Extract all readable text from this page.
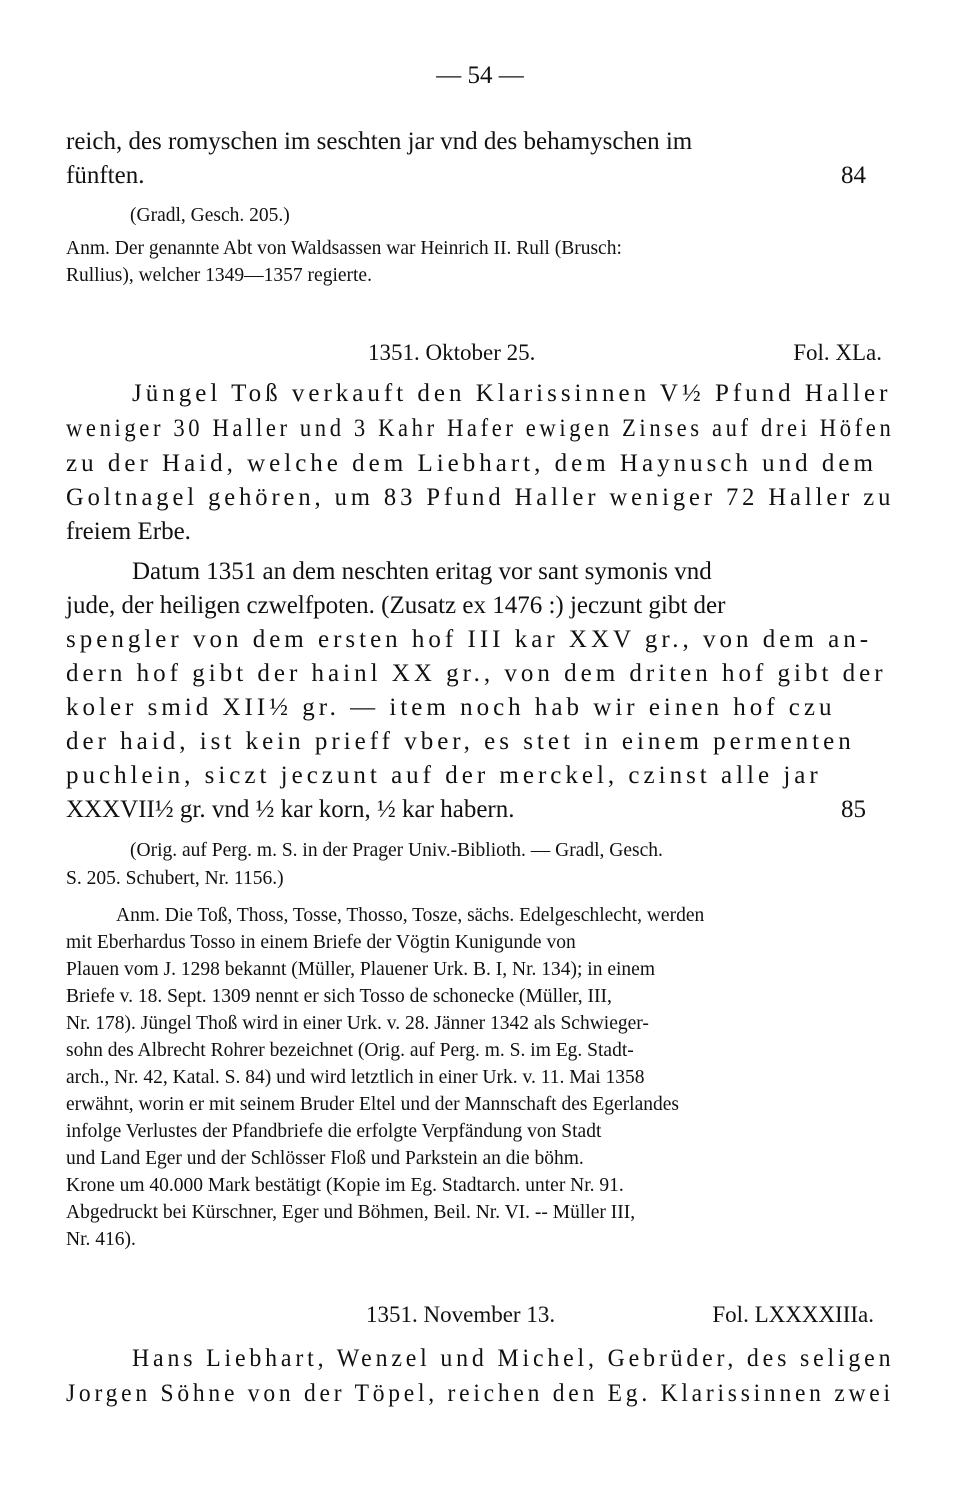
— 54 —
reich, des romyschen im seschten jar vnd des behamyschen im
fünften.	84
(Gradl, Gesch. 205.)
Anm. Der genannte Abt von Waldsassen war Heinrich II. Rull (Brusch:
Rullius), welcher 1349—1357 regierte.
1351. Oktober 25.	Fol. XLa.
Jüngel Toß verkauft den Klarissinnen V½ Pfund Haller
weniger 30 Haller und 3 Kahr Hafer ewigen Zinses auf drei Höfen
zu der Haid, welche dem Liebhart, dem Haynusch und dem
Goltnagel gehören, um 83 Pfund Haller weniger 72 Haller zu
freiem Erbe.
Datum 1351 an dem neschten eritag vor sant symonis vnd
jude, der heiligen czwelfpoten. (Zusatz ex 1476 :) jeczunt gibt der
spengler von dem ersten hof III kar XXV gr., von dem an-
dern hof gibt der hainl XX gr., von dem driten hof gibt der
koler smid XII½ gr. — item noch hab wir einen hof czu
der haid, ist kein prieff vber, es stet in einem permenten
puchlein, siczt jeczunt auf der merckel, czinst alle jar
XXXVII½ gr. vnd ½ kar korn, ½ kar habern.	85
(Orig. auf Perg. m. S. in der Prager Univ.-Biblioth. — Gradl, Gesch.
S. 205. Schubert, Nr. 1156.)
Anm. Die Toß, Thoss, Tosse, Thosso, Tosze, sächs. Edelgeschlecht, werden
mit Eberhardus Tosso in einem Briefe der Vögtin Kunigunde von
Plauen vom J. 1298 bekannt (Müller, Plauener Urk. B. I, Nr. 134); in einem
Briefe v. 18. Sept. 1309 nennt er sich Tosso de schonecke (Müller, III,
Nr. 178). Jüngel Thoß wird in einer Urk. v. 28. Jänner 1342 als Schwieger-
sohn des Albrecht Rohrer bezeichnet (Orig. auf Perg. m. S. im Eg. Stadt-
arch., Nr. 42, Katal. S. 84) und wird letztlich in einer Urk. v. 11. Mai 1358
erwähnt, worin er mit seinem Bruder Eltel und der Mannschaft des Egerlandes
infolge Verlustes der Pfandbriefe die erfolgte Verpfändung von Stadt
und Land Eger und der Schlösser Floß und Parkstein an die böhm.
Krone um 40.000 Mark bestätigt (Kopie im Eg. Stadtarch. unter Nr. 91.
Abgedruckt bei Kürschner, Eger und Böhmen, Beil. Nr. VI. -- Müller III,
Nr. 416).
1351. November 13.	Fol. LXXXXIIIa.
Hans Liebhart, Wenzel und Michel, Gebrüder, des seligen
Jorgen Söhne von der Töpel, reichen den Eg. Klarissinnen zwei
